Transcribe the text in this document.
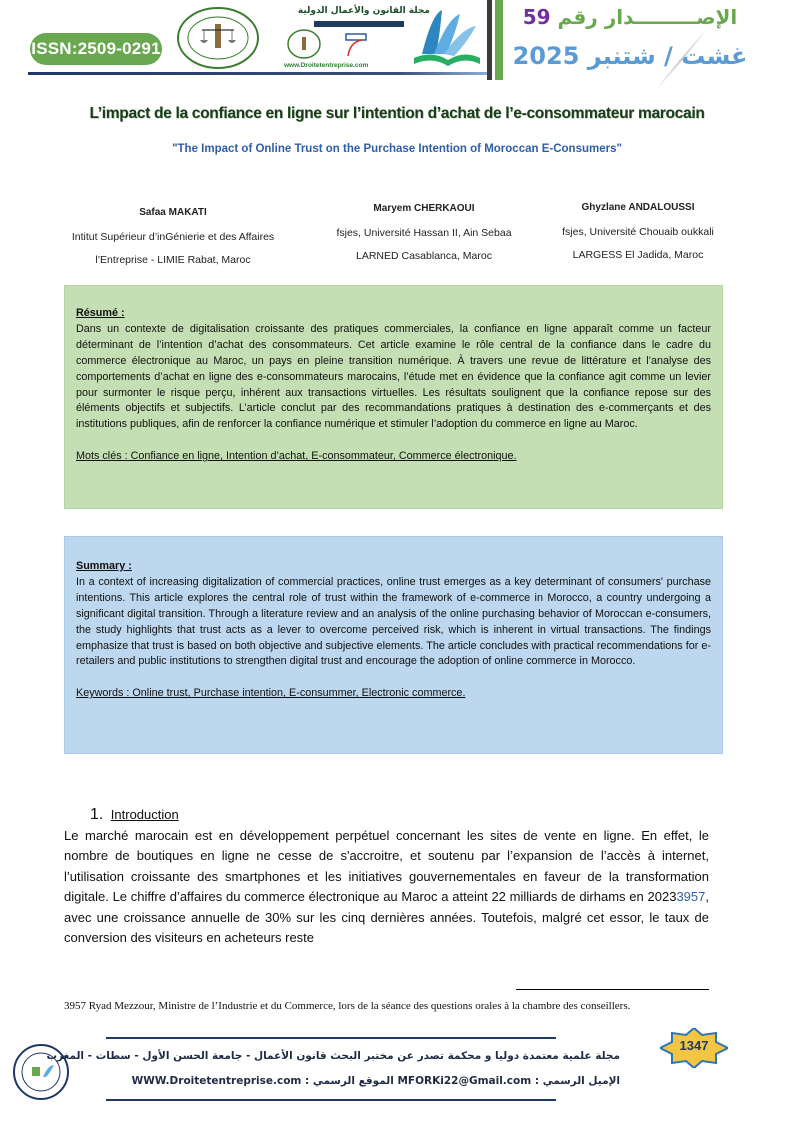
ISSN:2509-0291
مجلة القانون والأعمال الدولية
www.Droitetentreprise.com
الإصـــــــــدار رقم 59
غشت / شتنبر 2025
L’impact de la confiance en ligne sur l’intention d’achat de l’e-consommateur marocain
"The Impact of Online Trust on the Purchase Intention of Moroccan E-Consumers"
Safaa MAKATI
Intitut Supérieur d’inGénierie et des Affaires
l’Entreprise - LIMIE Rabat, Maroc
Maryem CHERKAOUI
fsjes, Université Hassan II, Ain Sebaa
LARNED Casablanca, Maroc
Ghyzlane ANDALOUSSI
fsjes, Université Chouaib oukkali
LARGESS El Jadida, Maroc
Résumé :

Dans un contexte de digitalisation croissante des pratiques commerciales, la confiance en ligne apparaît comme un facteur déterminant de l’intention d’achat des consommateurs. Cet article examine le rôle central de la confiance dans le cadre du commerce électronique au Maroc, un pays en pleine transition numérique. À travers une revue de littérature et l’analyse des comportements d’achat en ligne des e-consommateurs marocains, l’étude met en évidence que la confiance agit comme un levier pour surmonter le risque perçu, inhérent aux transactions virtuelles. Les résultats soulignent que la confiance repose sur des éléments objectifs et subjectifs. L’article conclut par des recommandations pratiques à destination des e-commerçants et des institutions publiques, afin de renforcer la confiance numérique et stimuler l’adoption du commerce en ligne au Maroc.

Mots clés : Confiance en ligne, Intention d’achat, E-consommateur, Commerce électronique.
Summary :

In a context of increasing digitalization of commercial practices, online trust emerges as a key determinant of consumers' purchase intentions. This article explores the central role of trust within the framework of e-commerce in Morocco, a country undergoing a significant digital transition. Through a literature review and an analysis of the online purchasing behavior of Moroccan e-consumers, the study highlights that trust acts as a lever to overcome perceived risk, which is inherent in virtual transactions. The findings emphasize that trust is based on both objective and subjective elements. The article concludes with practical recommendations for e-retailers and public institutions to strengthen digital trust and encourage the adoption of online commerce in Morocco.

Keywords : Online trust, Purchase intention, E-consummer, Electronic commerce.
1. Introduction
Le marché marocain est en développement perpétuel concernant les sites de vente en ligne. En effet, le nombre de boutiques en ligne ne cesse de s'accroitre, et soutenu par l’expansion de l’accès à internet, l’utilisation croissante des smartphones et les initiatives gouvernementales en faveur de la transformation digitale. Le chiffre d’affaires du commerce électronique au Maroc a atteint 22 milliards de dirhams en 20233957, avec une croissance annuelle de 30% sur les cinq dernières années. Toutefois, malgré cet essor, le taux de conversion des visiteurs en acheteurs reste
3957 Ryad Mezzour, Ministre de l’Industrie et du Commerce, lors de la séance des questions orales à la chambre des conseillers.
مجلة علمية معتمدة دوليا و محكمة تصدر عن مختبر البحث قانون الأعمال - جامعة الحسن الأول - سطات - المغرب
الإميل الرسمي : MFORKi22@Gmail.com الموقع الرسمي : WWW.Droitetentreprise.com
1347
